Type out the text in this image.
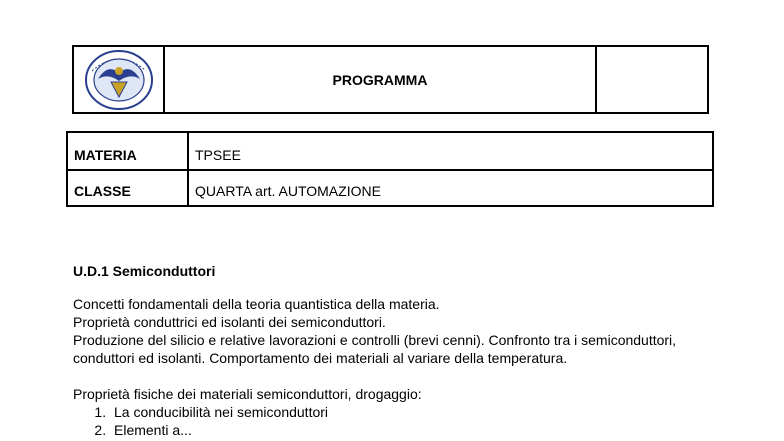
PROGRAMMA
MATERIA	TPSEE
CLASSE	QUARTA art. AUTOMAZIONE
U.D.1 Semiconduttori

Concetti fondamentali della teoria quantistica della materia.

Proprietà conduttrici ed isolanti dei semiconduttori.

Produzione del silicio e relative lavorazioni e controlli (brevi cenni). Confronto tra i semiconduttori, conduttori ed isolanti. Comportamento dei materiali al variare della temperatura.

Proprietà fisiche dei materiali semiconduttori, drogaggio:

1. La conducibilità nei semiconduttori
2. Elementi a...
